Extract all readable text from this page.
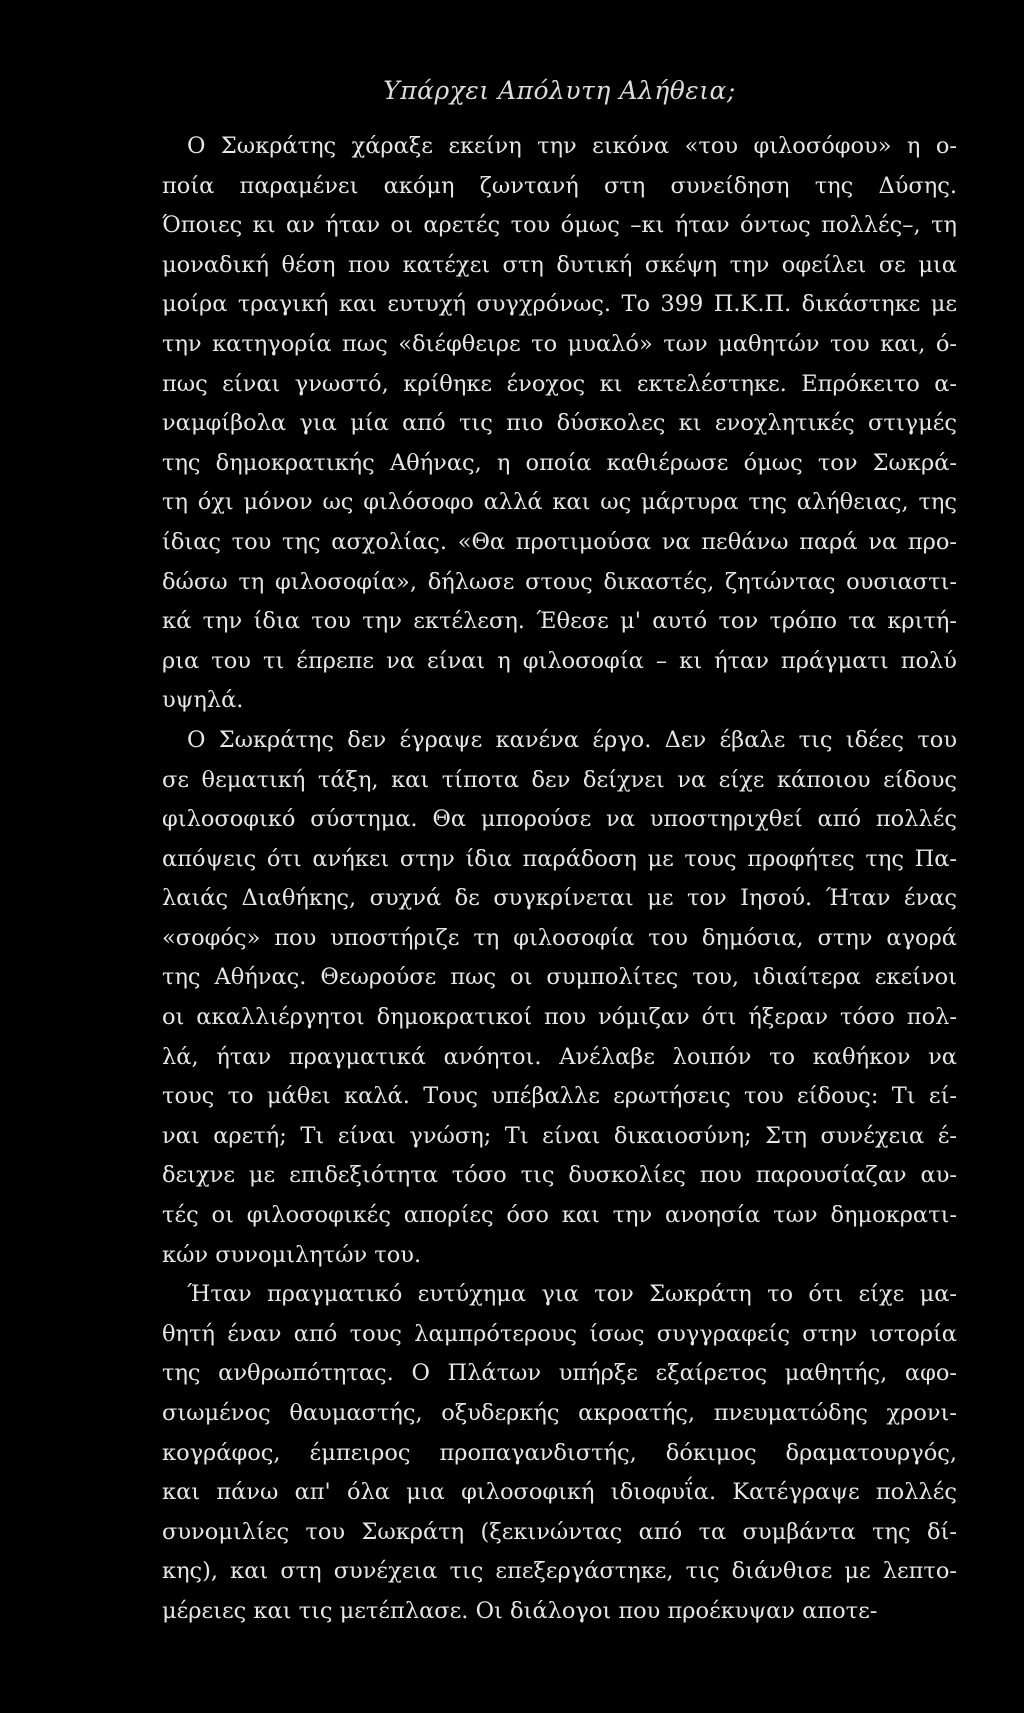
Υπάρχει Απόλυτη Αλήθεια;
Ο Σωκράτης χάραξε εκείνη την εικόνα «του φιλοσόφου» η ο-
ποία παραμένει ακόμη ζωντανή στη συνείδηση της Δύσης.
Όποιες κι αν ήταν οι αρετές του όμως –κι ήταν όντως πολλές–, τη
μοναδική θέση που κατέχει στη δυτική σκέψη την οφείλει σε μια
μοίρα τραγική και ευτυχή συγχρόνως. Το 399 Π.Κ.Π. δικάστηκε με
την κατηγορία πως «διέφθειρε το μυαλό» των μαθητών του και, ό-
πως είναι γνωστό, κρίθηκε ένοχος κι εκτελέστηκε. Επρόκειτο α-
ναμφίβολα για μία από τις πιο δύσκολες κι ενοχλητικές στιγμές
της δημοκρατικής Αθήνας, η οποία καθιέρωσε όμως τον Σωκρά-
τη όχι μόνον ως φιλόσοφο αλλά και ως μάρτυρα της αλήθειας, της
ίδιας του της ασχολίας. «Θα προτιμούσα να πεθάνω παρά να προ-
δώσω τη φιλοσοφία», δήλωσε στους δικαστές, ζητώντας ουσιαστι-
κά την ίδια του την εκτέλεση. Έθεσε μ' αυτό τον τρόπο τα κριτή-
ρια του τι έπρεπε να είναι η φιλοσοφία – κι ήταν πράγματι πολύ
υψηλά.
Ο Σωκράτης δεν έγραψε κανένα έργο. Δεν έβαλε τις ιδέες του
σε θεματική τάξη, και τίποτα δεν δείχνει να είχε κάποιου είδους
φιλοσοφικό σύστημα. Θα μπορούσε να υποστηριχθεί από πολλές
απόψεις ότι ανήκει στην ίδια παράδοση με τους προφήτες της Πα-
λαιάς Διαθήκης, συχνά δε συγκρίνεται με τον Ιησού. Ήταν ένας
«σοφός» που υποστήριζε τη φιλοσοφία του δημόσια, στην αγορά
της Αθήνας. Θεωρούσε πως οι συμπολίτες του, ιδιαίτερα εκείνοι
οι ακαλλιέργητοι δημοκρατικοί που νόμιζαν ότι ήξεραν τόσο πολ-
λά, ήταν πραγματικά ανόητοι. Ανέλαβε λοιπόν το καθήκον να
τους το μάθει καλά. Τους υπέβαλλε ερωτήσεις του είδους: Τι εί-
ναι αρετή; Τι είναι γνώση; Τι είναι δικαιοσύνη; Στη συνέχεια έ-
δειχνε με επιδεξιότητα τόσο τις δυσκολίες που παρουσίαζαν αυ-
τές οι φιλοσοφικές απορίες όσο και την ανοησία των δημοκρατι-
κών συνομιλητών του.
Ήταν πραγματικό ευτύχημα για τον Σωκράτη το ότι είχε μα-
θητή έναν από τους λαμπρότερους ίσως συγγραφείς στην ιστορία
της ανθρωπότητας. Ο Πλάτων υπήρξε εξαίρετος μαθητής, αφο-
σιωμένος θαυμαστής, οξυδερκής ακροατής, πνευματώδης χρονι-
κογράφος, έμπειρος προπαγανδιστής, δόκιμος δραματουργός,
και πάνω απ' όλα μια φιλοσοφική ιδιοφυΐα. Κατέγραψε πολλές
συνομιλίες του Σωκράτη (ξεκινώντας από τα συμβάντα της δί-
κης), και στη συνέχεια τις επεξεργάστηκε, τις διάνθισε με λεπτο-
μέρειες και τις μετέπλασε. Οι διάλογοι που προέκυψαν αποτε-
